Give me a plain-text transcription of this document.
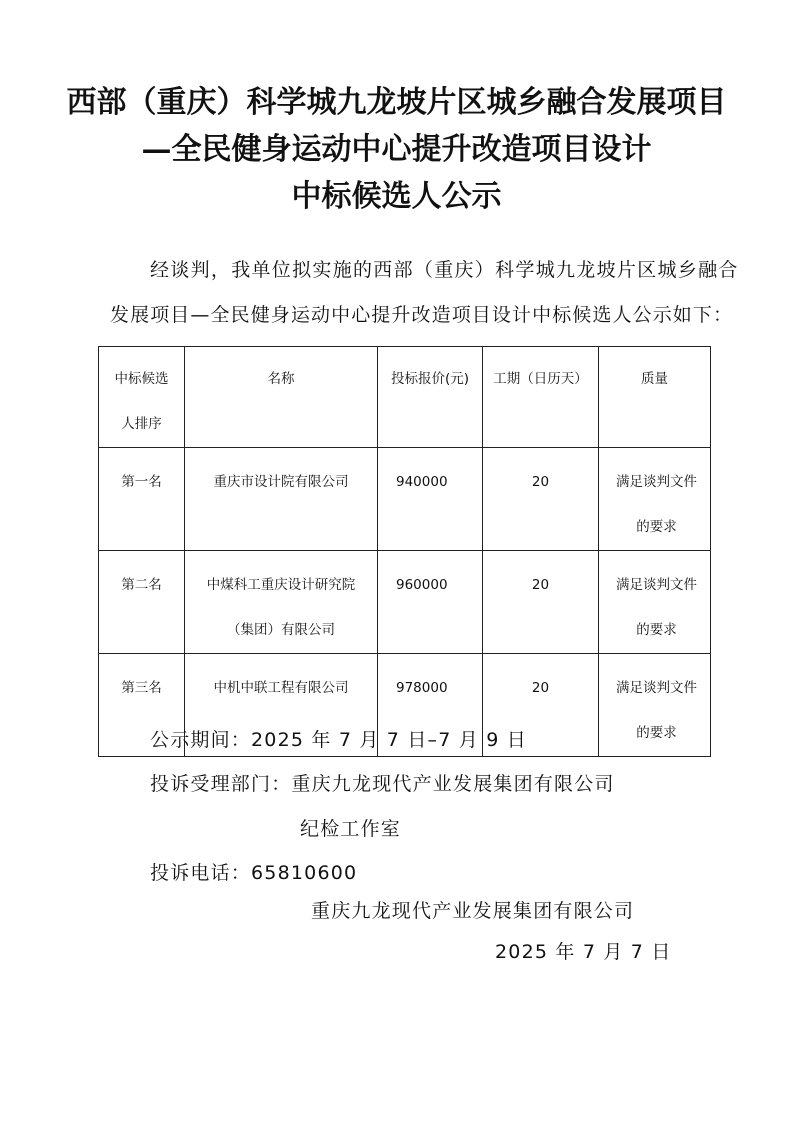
西部（重庆）科学城九龙坡片区城乡融合发展项目
—全民健身运动中心提升改造项目设计
中标候选人公示
经谈判，我单位拟实施的西部（重庆）科学城九龙坡片区城乡融合
发展项目—全民健身运动中心提升改造项目设计中标候选人公示如下：
中标候选人排序	名称	投标报价(元)	工期（日历天）	质量

第一名	重庆市设计院有限公司	940000	20	满足谈判文件的要求

第二名	中煤科工重庆设计研究院（集团）有限公司	960000	20	满足谈判文件的要求

第三名	中机中联工程有限公司	978000	20	满足谈判文件的要求
公示期间：2025 年 7 月 7 日–7 月 9 日
投诉受理部门：重庆九龙现代产业发展集团有限公司
纪检工作室
投诉电话：65810600
重庆九龙现代产业发展集团有限公司
2025 年 7 月 7 日
